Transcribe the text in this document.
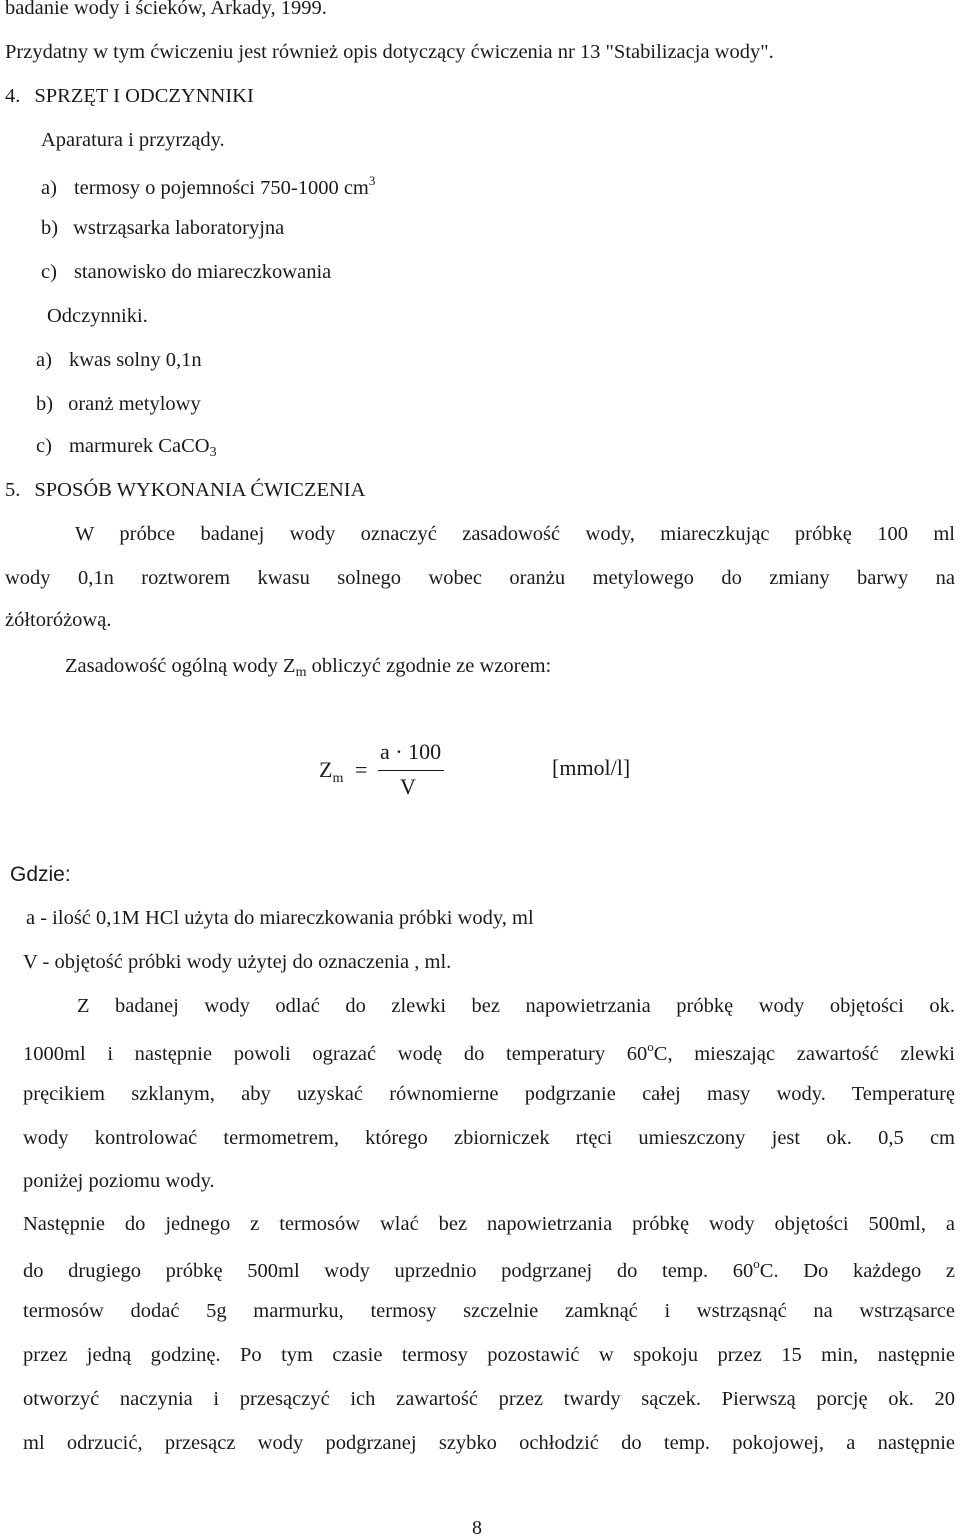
badanie wody i ścieków, Arkady, 1999.
Przydatny w tym ćwiczeniu jest również opis dotyczący ćwiczenia nr 13 "Stabilizacja wody".
4. SPRZĘT I ODCZYNNIKI
Aparatura i przyrządy.
a) termosy o pojemności 750-1000 $cm^3$
b) wstrząsarka laboratoryjna
c) stanowisko do miareczkowania
Odczynniki.
a) kwas solny 0,1n
b) oranż metylowy
c) marmurek CaCO$_3$
5. SPOSÓB WYKONANIA ĆWICZENIA
W próbce badanej wody oznaczyć zasadowość wody, miareczkując próbkę 100 ml
wody 0,1n roztworem kwasu solnego wobec oranżu metylowego do zmiany barwy na
żółtoróżową.
Zasadowość ogólną wody $Z_m$ obliczyć zgodnie ze wzorem:
$Z_m$ =
a · 100
V
[mmol/l]
Gdzie:
a - ilość 0,1M HCl użyta do miareczkowania próbki wody, ml
V - objętość próbki wody użytej do oznaczenia , ml.
Z badanej wody odlać do zlewki bez napowietrzania próbkę wody objętości ok.
1000ml i następnie powoli ograzać wodę do temperatury 60$^o$C, mieszając zawartość zlewki
pręcikiem szklanym, aby uzyskać równomierne podgrzanie całej masy wody. Temperaturę
wody kontrolować termometrem, którego zbiorniczek rtęci umieszczony jest ok. 0,5 cm
poniżej poziomu wody.
Następnie do jednego z termosów wlać bez napowietrzania próbkę wody objętości 500ml, a
do drugiego próbkę 500ml wody uprzednio podgrzanej do temp. 60$^o$C. Do każdego z
termosów dodać 5g marmurku, termosy szczelnie zamknąć i wstrząsnąć na wstrząsarce
przez jedną godzinę. Po tym czasie termosy pozostawić w spokoju przez 15 min, następnie
otworzyć naczynia i przesączyć ich zawartość przez twardy sączek. Pierwszą porcję ok. 20
ml odrzucić, przesącz wody podgrzanej szybko ochłodzić do temp. pokojowej, a następnie
8
